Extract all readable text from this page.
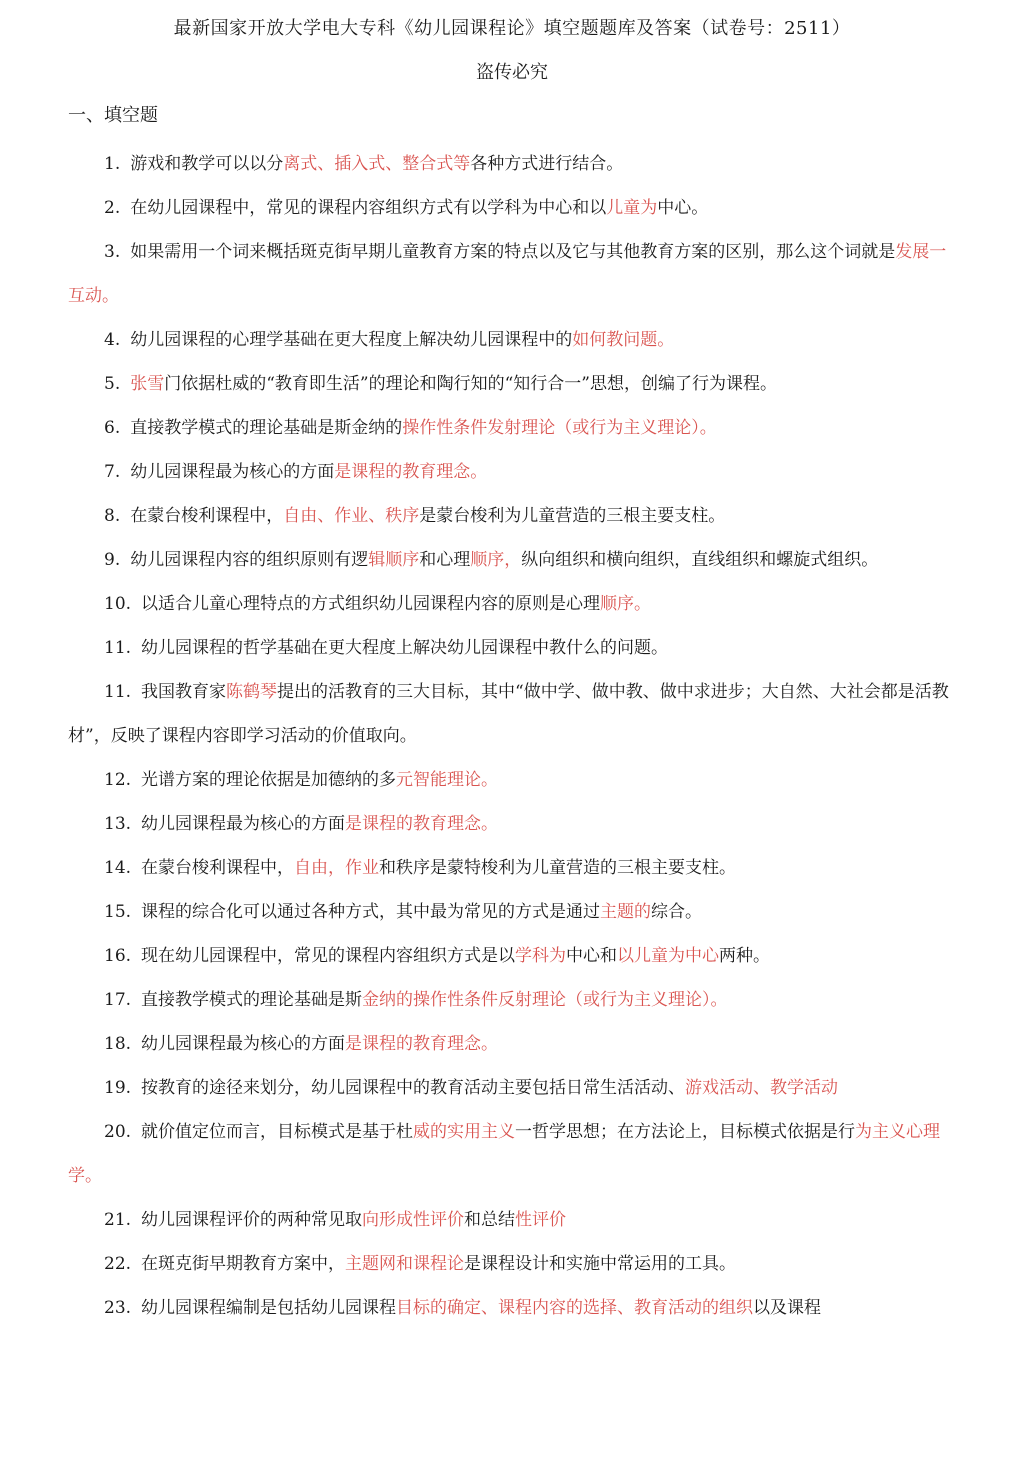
最新国家开放大学电大专科《幼儿园课程论》填空题题库及答案（试卷号：2511）
盗传必究
一、填空题
1. 游戏和教学可以以分离式、插入式、整合式等各种方式进行结合。
2. 在幼儿园课程中，常见的课程内容组织方式有以学科为中心和以儿童为中心。
3. 如果需用一个词来概括斑克街早期儿童教育方案的特点以及它与其他教育方案的区别，那么这个词就是发展一互动。
4. 幼儿园课程的心理学基础在更大程度上解决幼儿园课程中的如何教问题。
5. 张雪门依据杜威的“教育即生活”的理论和陶行知的“知行合一”思想，创编了行为课程。
6. 直接教学模式的理论基础是斯金纳的操作性条件发射理论（或行为主义理论）。
7. 幼儿园课程最为核心的方面是课程的教育理念。
8. 在蒙台梭利课程中，自由、作业、秩序是蒙台梭利为儿童营造的三根主要支柱。
9. 幼儿园课程内容的组织原则有逻辑顺序和心理顺序，纵向组织和横向组织，直线组织和螺旋式组织。
10. 以适合儿童心理特点的方式组织幼儿园课程内容的原则是心理顺序。
11. 幼儿园课程的哲学基础在更大程度上解决幼儿园课程中教什么的问题。
11. 我国教育家陈鹤琴提出的活教育的三大目标，其中“做中学、做中教、做中求进步；大自然、大社会都是活教材”，反映了课程内容即学习活动的价值取向。
12. 光谱方案的理论依据是加德纳的多元智能理论。
13. 幼儿园课程最为核心的方面是课程的教育理念。
14. 在蒙台梭利课程中，自由，作业和秩序是蒙特梭利为儿童营造的三根主要支柱。
15. 课程的综合化可以通过各种方式，其中最为常见的方式是通过主题的综合。
16. 现在幼儿园课程中，常见的课程内容组织方式是以学科为中心和以儿童为中心两种。
17. 直接教学模式的理论基础是斯金纳的操作性条件反射理论（或行为主义理论）。
18. 幼儿园课程最为核心的方面是课程的教育理念。
19. 按教育的途径来划分，幼儿园课程中的教育活动主要包括日常生活活动、游戏活动、教学活动
20. 就价值定位而言，目标模式是基于杜威的实用主义一哲学思想；在方法论上，目标模式依据是行为主义心理学。
21. 幼儿园课程评价的两种常见取向形成性评价和总结性评价
22. 在斑克街早期教育方案中，主题网和课程论是课程设计和实施中常运用的工具。
23. 幼儿园课程编制是包括幼儿园课程目标的确定、课程内容的选择、教育活动的组织以及课程
